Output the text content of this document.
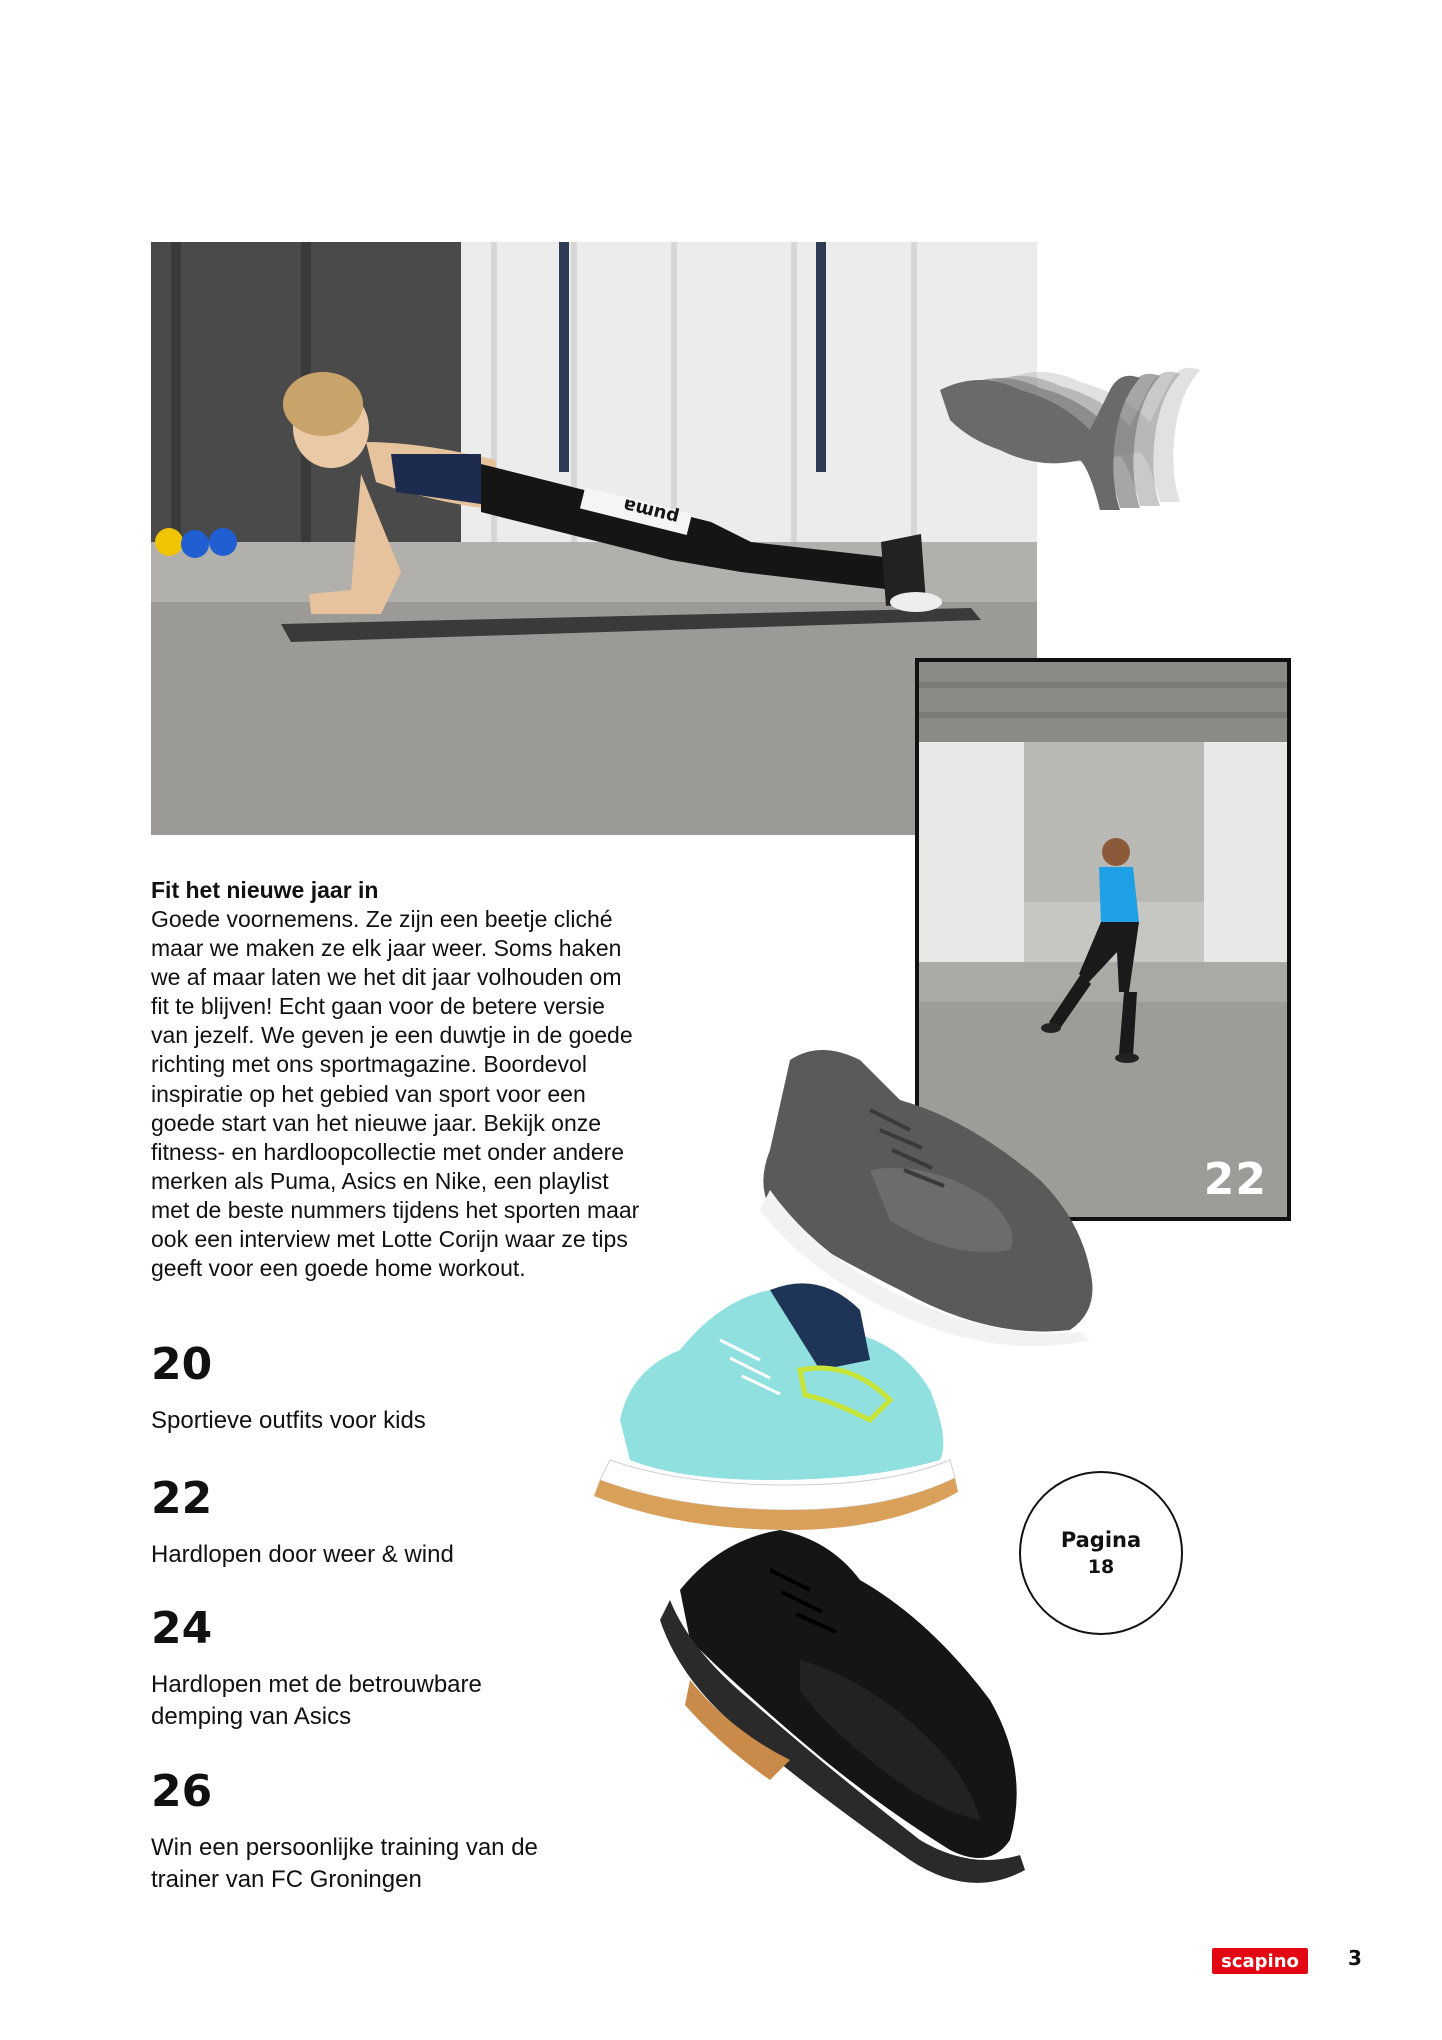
puma
22
Fit het nieuwe jaar in
Goede voornemens. Ze zijn een beetje cliché
maar we maken ze elk jaar weer. Soms haken
we af maar laten we het dit jaar volhouden om
fit te blijven! Echt gaan voor de betere versie
van jezelf. We geven je een duwtje in de goede
richting met ons sportmagazine. Boordevol
inspiratie op het gebied van sport voor een
goede start van het nieuwe jaar. Bekijk onze
fitness- en hardloopcollectie met onder andere
merken als Puma, Asics en Nike, een playlist
met de beste nummers tijdens het sporten maar
ook een interview met Lotte Corijn waar ze tips
geeft voor een goede home workout.
20
Sportieve outfits voor kids
22
Hardlopen door weer & wind
24
Hardlopen met de betrouwbare demping van Asics
26
Win een persoonlijke training van de trainer van FC Groningen
Pagina
18
scapino	3
